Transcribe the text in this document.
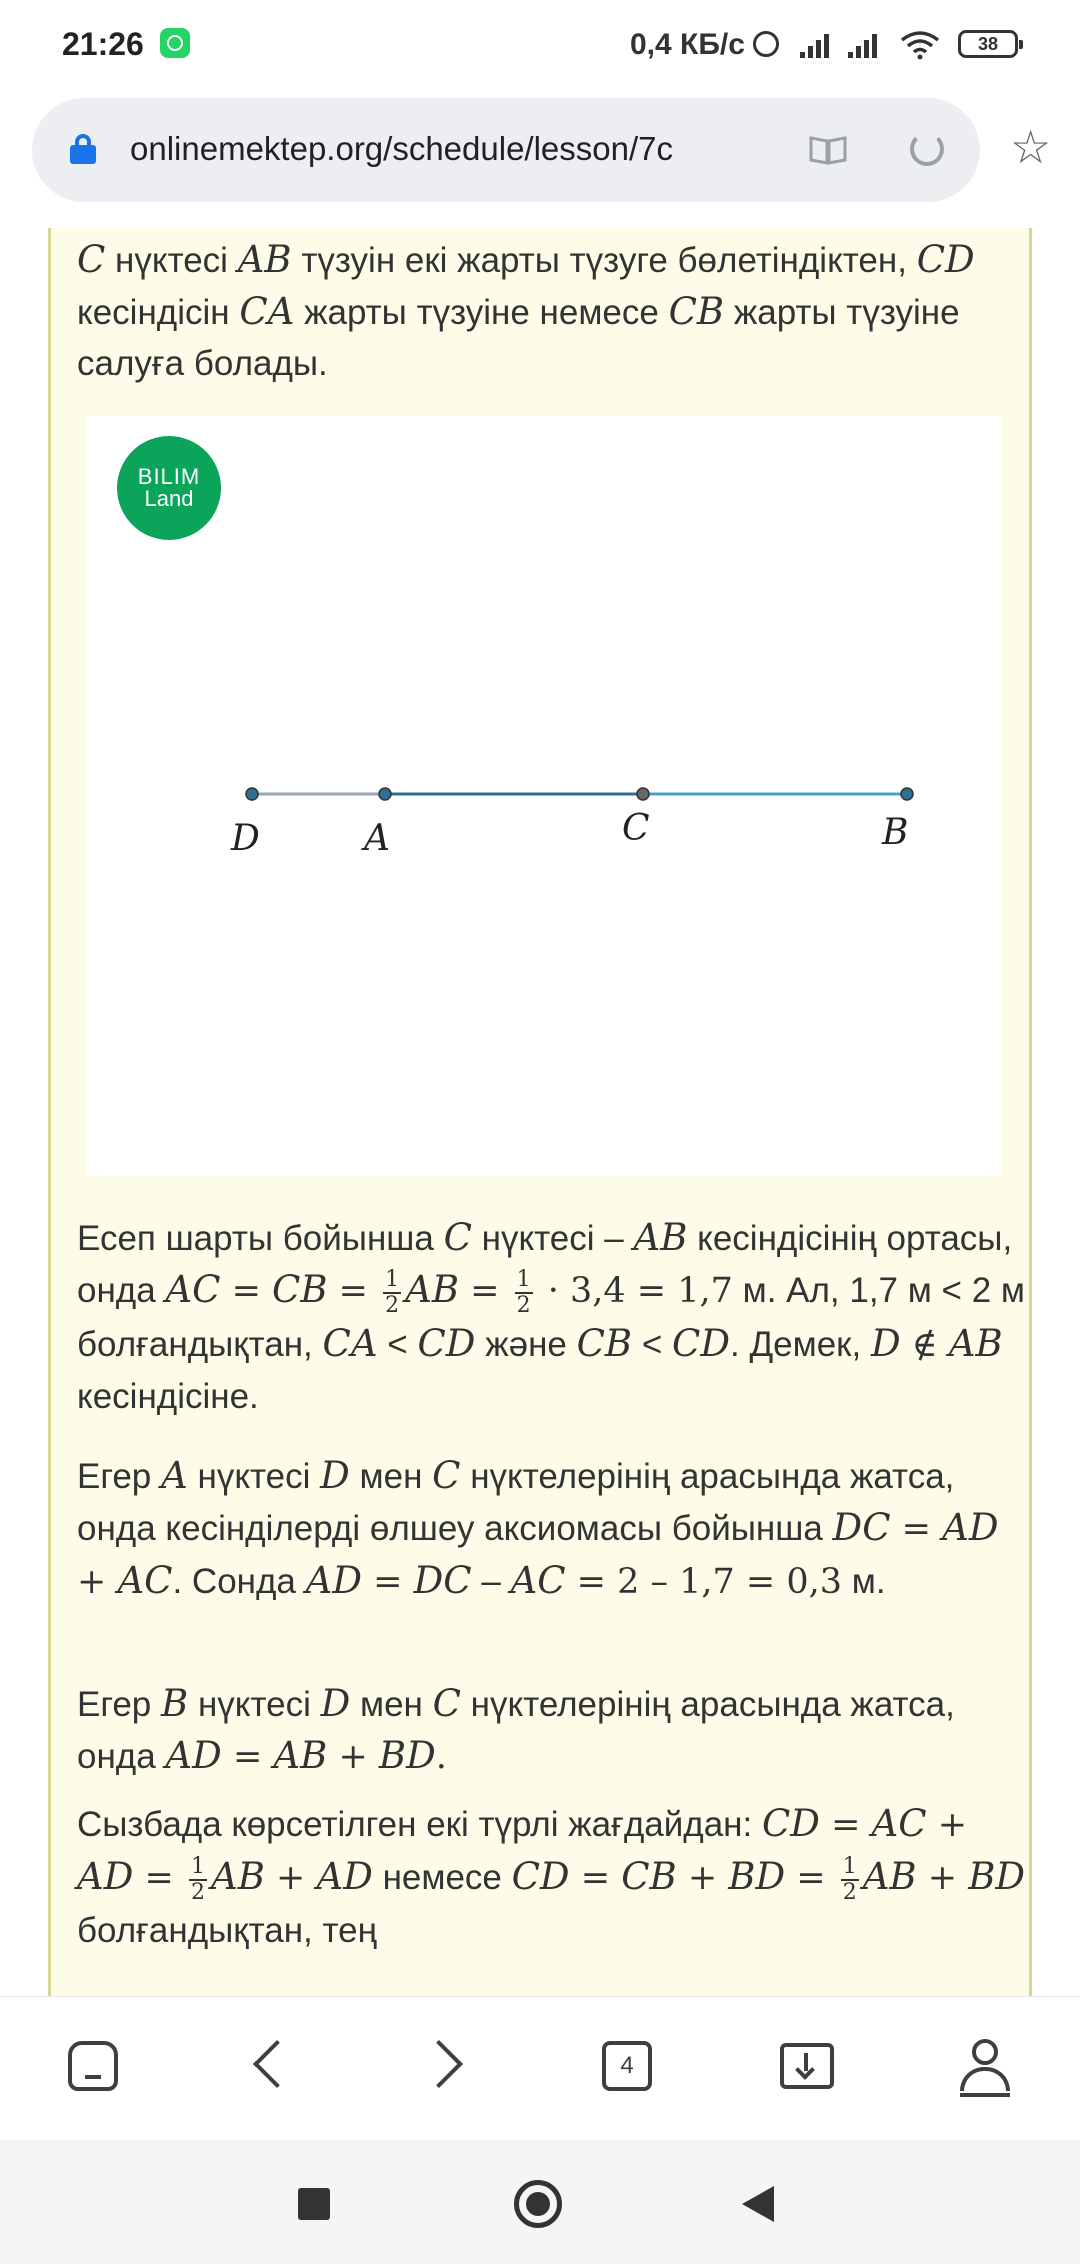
21:26	0,4 КБ/с	38
onlinemektep.org/schedule/lesson/7c	☆
C нүктесі AB түзуін екі жарты түзуге бөлетіндіктен, CD кесіндісін CA жарты түзуіне немесе CB жарты түзуіне салуға болады.
BILIM
Land
D	A	C	B
Есеп шарты бойынша C нүктесі – AB кесіндісінің ортасы, онда AC = CB = $\frac{1}{2}$ AB = $\frac{1}{2} \cdot 3,4 = 1,7$ м. Ал, 1,7 м < 2 м болғандықтан, CA < CD және CB < CD. Демек, D ∉ AB кесіндісіне.
Егер A нүктесі D мен C нүктелерінің арасында жатса, онда кесінділерді өлшеу аксиомасы бойынша DC = AD + AC. Сонда AD = DC – AC = 2 – 1,7 = 0,3 м.
Егер B нүктесі D мен C нүктелерінің арасында жатса, онда AD = AB + BD.
Сызбада көрсетілген екі түрлі жағдайдан: CD = AC + AD = $\frac{1}{2}$ AB + AD немесе CD = CB + BD = $\frac{1}{2}$ AB + BD болғандықтан, тең
4
